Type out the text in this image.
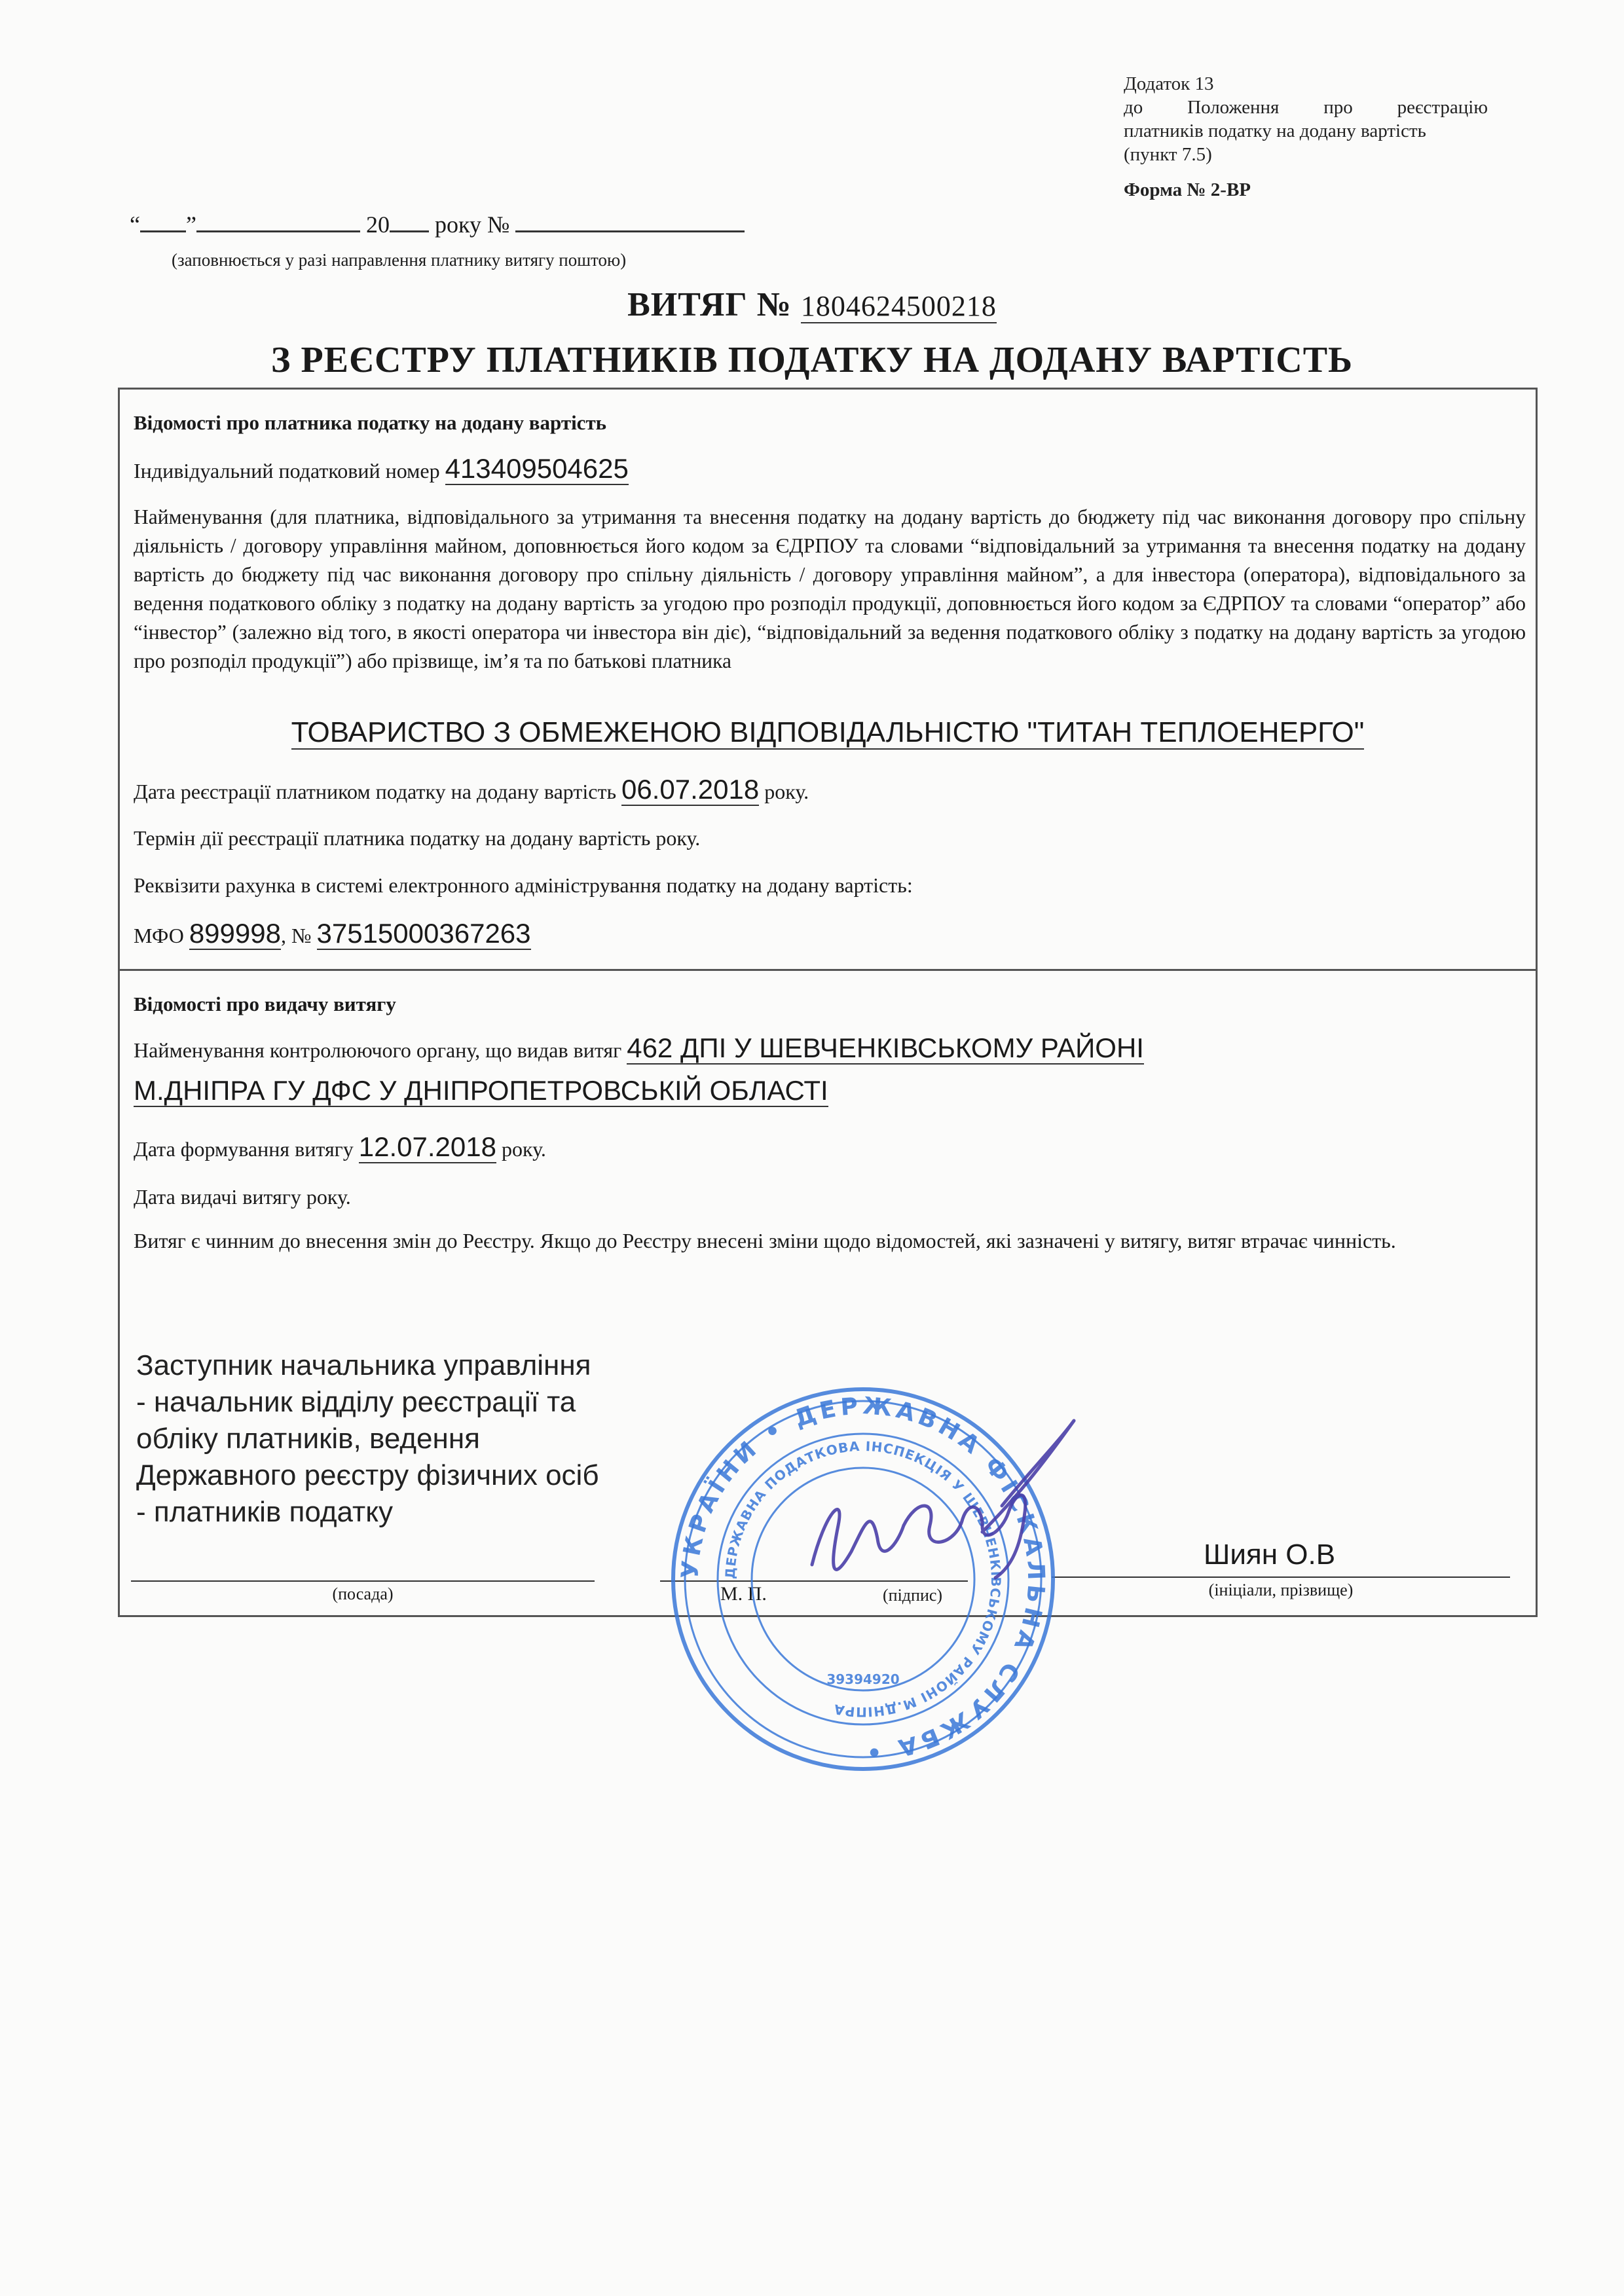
Додаток 13
до Положення про реєстрацію
платників податку на додану вартість
(пункт 7.5)
Форма № 2-ВР
“ ”	20 року №
(заповнюється у разі направлення платнику витягу поштою)
ВИТЯГ № 1804624500218
З РЕЄСТРУ ПЛАТНИКІВ ПОДАТКУ НА ДОДАНУ ВАРТІСТЬ
Відомості про платника податку на додану вартість
Індивідуальний податковий номер 413409504625
Найменування (для платника, відповідального за утримання та внесення податку на додану вартість до бюджету під час виконання договору про спільну діяльність / договору управління майном, доповнюється його кодом за ЄДРПОУ та словами “відповідальний за утримання та внесення податку на додану вартість до бюджету під час виконання договору про спільну діяльність / договору управління майном”, а для інвестора (оператора), відповідального за ведення податкового обліку з податку на додану вартість за угодою про розподіл продукції, доповнюється його кодом за ЄДРПОУ та словами “оператор” або “інвестор” (залежно від того, в якості оператора чи інвестора він діє), “відповідальний за ведення податкового обліку з податку на додану вартість за угодою про розподіл продукції”) або прізвище, ім’я та по батькові платника
ТОВАРИСТВО З ОБМЕЖЕНОЮ ВІДПОВІДАЛЬНІСТЮ "ТИТАН ТЕПЛОЕНЕРГО"
Дата реєстрації платником податку на додану вартість 06.07.2018 року.
Термін дії реєстрації платника податку на додану вартість року.
Реквізити рахунка в системі електронного адміністрування податку на додану вартість:
МФО 899998, № 37515000367263
Відомості про видачу витягу
Найменування контролюючого органу, що видав витяг 462 ДПІ У ШЕВЧЕНКІВСЬКОМУ РАЙОНІ
М.ДНІПРА ГУ ДФС У ДНІПРОПЕТРОВСЬКІЙ ОБЛАСТІ
Дата формування витягу 12.07.2018 року.
Дата видачі витягу року.
Витяг є чинним до внесення змін до Реєстру. Якщо до Реєстру внесені зміни щодо відомостей, які зазначені у витягу, витяг втрачає чинність.
Заступник начальника управління - начальник відділу реєстрації та обліку платників, ведення Державного реєстру фізичних осіб - платників податку
(посада)	М. П.	(підпис)
Шиян О.В
(ініціали, прізвище)
УКРАЇНИ • ДЕРЖАВНА ФІСКАЛЬНА СЛУЖБА •
ДЕРЖАВНА ПОДАТКОВА ІНСПЕКЦІЯ У ШЕВЧЕНКІВСЬКОМУ РАЙОНІ М.ДНІПРА
39394920
